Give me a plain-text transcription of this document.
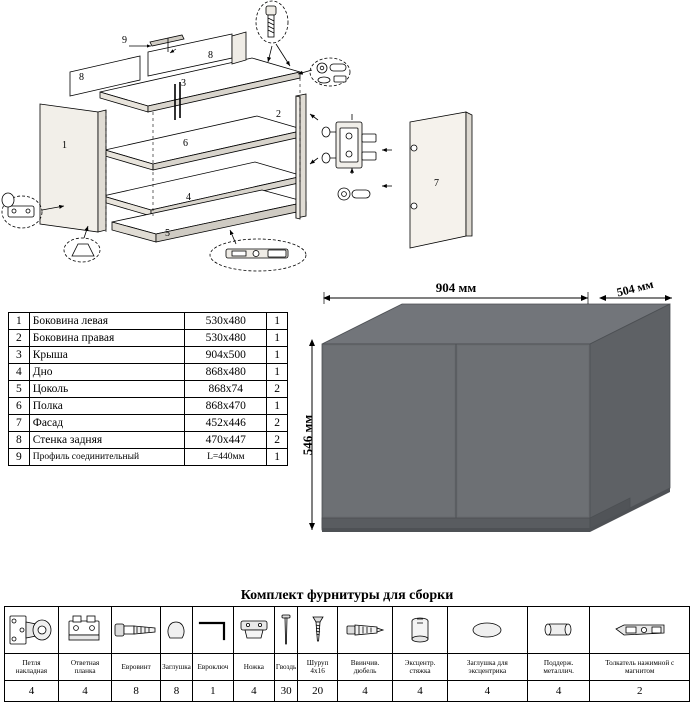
1
2
3
4
5
6
7
8
8
9
1	Боковина левая	530х480	1
2	Боковина правая	530х480	1
3	Крыша	904х500	1
4	Дно	868х480	1
5	Цоколь	868х74	2
6	Полка	868х470	1
7	Фасад	452х446	2
8	Стенка задняя	470х447	2
9	Профиль соединительный	L=440мм	1
904 мм	504 мм
546 мм
Комплект фурнитуры для сборки

Петля накладная	Ответная планка	Евровинт	Заглушка	Евроключ	Ножка	Гвоздь	Шуруп 4х16	Ввинчив. дюбель	Эксцентр. стяжка	Заглушка для эксцентрика	Поддерж. металлич.	Толкатель нажимной с магнитом
4	4	8	8	1	4	30	20	4	4	4	4	2
